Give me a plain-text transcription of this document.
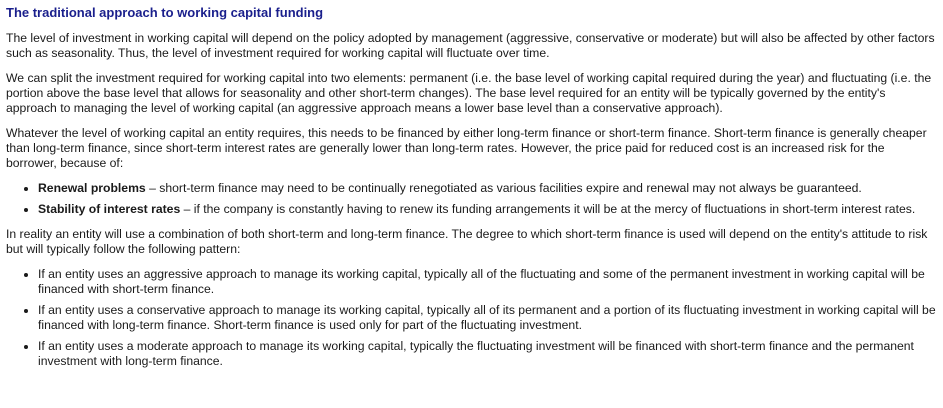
The traditional approach to working capital funding

The level of investment in working capital will depend on the policy adopted by management (aggressive, conservative or moderate) but will also be affected by other factors such as seasonality. Thus, the level of investment required for working capital will fluctuate over time.

We can split the investment required for working capital into two elements: permanent (i.e. the base level of working capital required during the year) and fluctuating (i.e. the portion above the base level that allows for seasonality and other short-term changes). The base level required for an entity will be typically governed by the entity's approach to managing the level of working capital (an aggressive approach means a lower base level than a conservative approach).

Whatever the level of working capital an entity requires, this needs to be financed by either long-term finance or short-term finance. Short-term finance is generally cheaper than long-term finance, since short-term interest rates are generally lower than long-term rates. However, the price paid for reduced cost is an increased risk for the borrower, because of:

• Renewal problems – short-term finance may need to be continually renegotiated as various facilities expire and renewal may not always be guaranteed.
• Stability of interest rates – if the company is constantly having to renew its funding arrangements it will be at the mercy of fluctuations in short-term interest rates.

In reality an entity will use a combination of both short-term and long-term finance. The degree to which short-term finance is used will depend on the entity's attitude to risk but will typically follow the following pattern:

• If an entity uses an aggressive approach to manage its working capital, typically all of the fluctuating and some of the permanent investment in working capital will be financed with short-term finance.
• If an entity uses a conservative approach to manage its working capital, typically all of its permanent and a portion of its fluctuating investment in working capital will be financed with long-term finance. Short-term finance is used only for part of the fluctuating investment.
• If an entity uses a moderate approach to manage its working capital, typically the fluctuating investment will be financed with short-term finance and the permanent investment with long-term finance.
